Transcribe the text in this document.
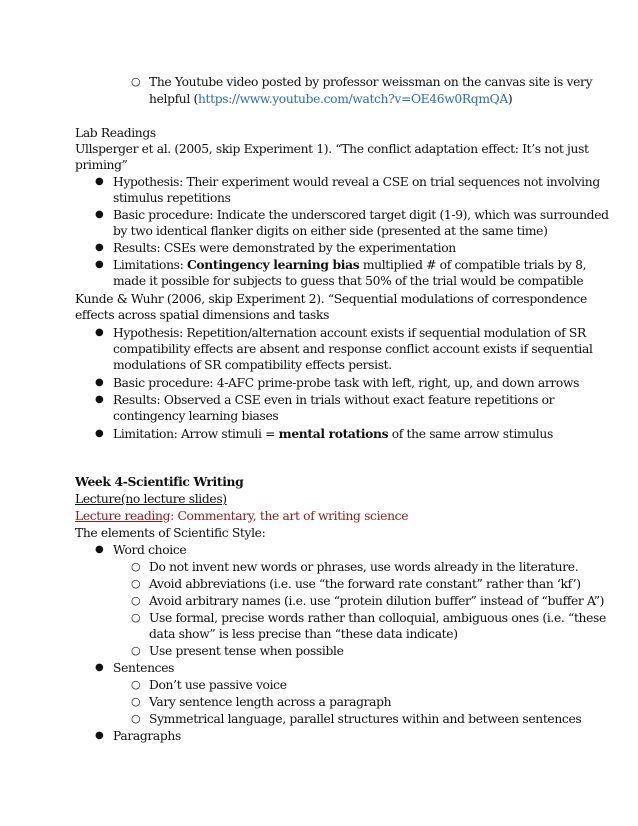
○ The Youtube video posted by professor weissman on the canvas site is very
helpful (https://www.youtube.com/watch?v=OE46w0RqmQA)
Lab Readings
Ullsperger et al. (2005, skip Experiment 1). “The conflict adaptation effect: It’s not just
priming”
● Hypothesis: Their experiment would reveal a CSE on trial sequences not involving
stimulus repetitions
● Basic procedure: Indicate the underscored target digit (1-9), which was surrounded
by two identical flanker digits on either side (presented at the same time)
● Results: CSEs were demonstrated by the experimentation
● Limitations: Contingency learning bias multiplied # of compatible trials by 8,
made it possible for subjects to guess that 50% of the trial would be compatible
Kunde & Wuhr (2006, skip Experiment 2). “Sequential modulations of correspondence
effects across spatial dimensions and tasks
● Hypothesis: Repetition/alternation account exists if sequential modulation of SR
compatibility effects are absent and response conflict account exists if sequential
modulations of SR compatibility effects persist.
● Basic procedure: 4-AFC prime-probe task with left, right, up, and down arrows
● Results: Observed a CSE even in trials without exact feature repetitions or
contingency learning biases
● Limitation: Arrow stimuli = mental rotations of the same arrow stimulus
Week 4-Scientific Writing
Lecture(no lecture slides)
Lecture reading: Commentary, the art of writing science
The elements of Scientific Style:
● Word choice
○ Do not invent new words or phrases, use words already in the literature.
○ Avoid abbreviations (i.e. use “the forward rate constant” rather than ‘kf’)
○ Avoid arbitrary names (i.e. use “protein dilution buffer” instead of “buffer A”)
○ Use formal, precise words rather than colloquial, ambiguous ones (i.e. “these
data show” is less precise than “these data indicate)
○ Use present tense when possible
● Sentences
○ Don’t use passive voice
○ Vary sentence length across a paragraph
○ Symmetrical language, parallel structures within and between sentences
● Paragraphs
